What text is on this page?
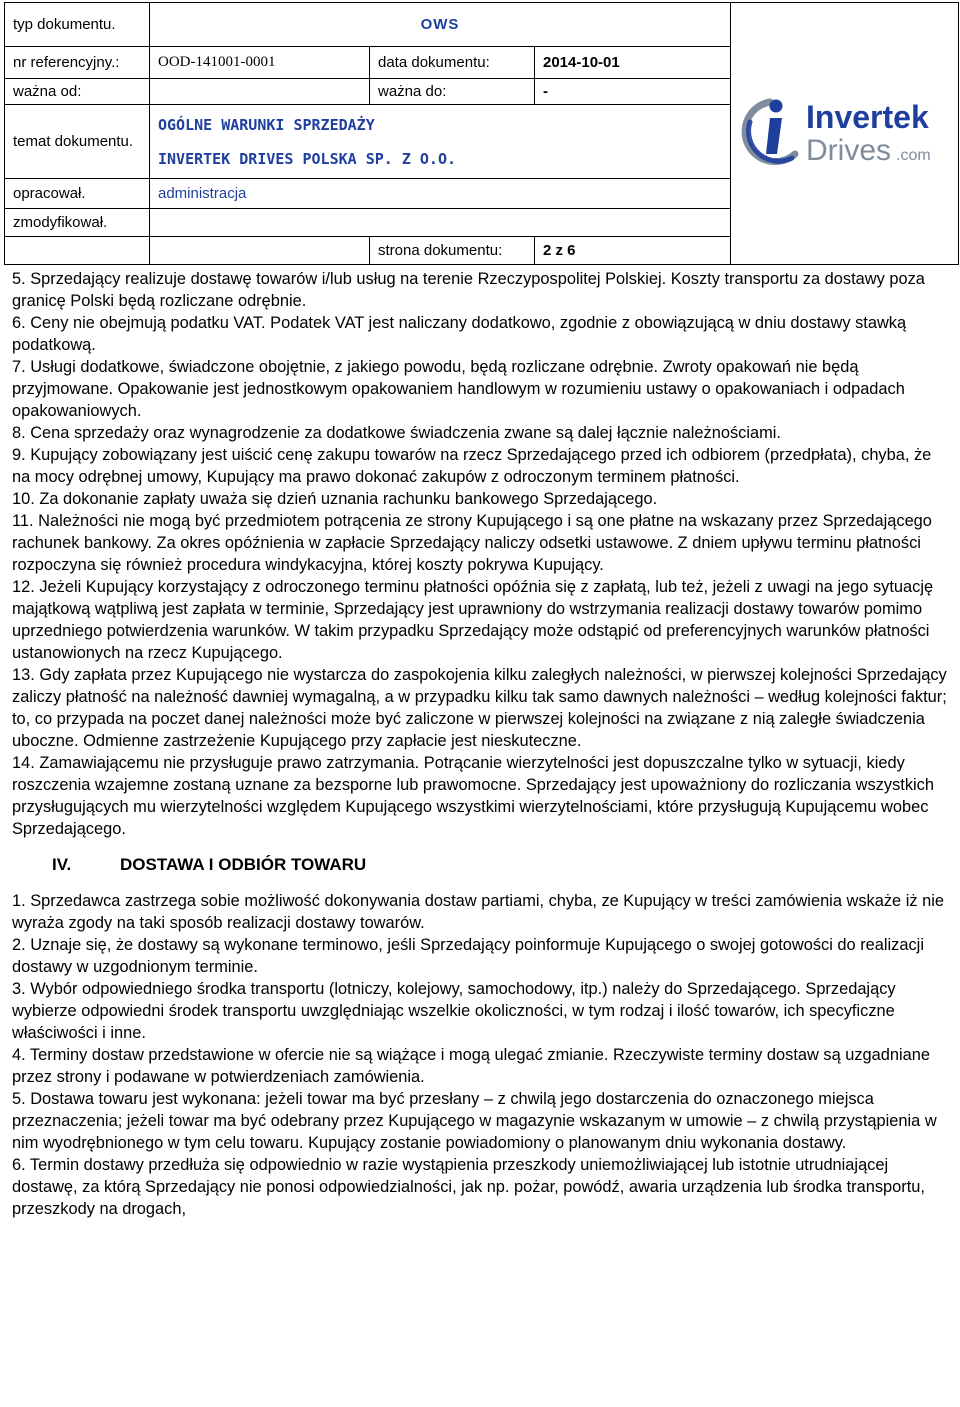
typ dokumentu.	OWS			Invertek
Drives .com

nr referencyjny.:	OOD-141001-0001	data dokumentu:	2014-10-01	
ważna od:		ważna do:	-	
temat dokumentu.	OGÓLNE WARUNKI SPRZEDAŻY
INVERTEK DRIVES POLSKA SP. Z O.O.			

opracował.	administracja			
zmodyfikował.				
		strona dokumentu:	2 z 6	

5. Sprzedający realizuje dostawę towarów i/lub usług na terenie Rzeczypospolitej Polskiej. Koszty transportu za dostawy poza granicę Polski będą rozliczane odrębnie.

6. Ceny nie obejmują podatku VAT. Podatek VAT jest naliczany dodatkowo, zgodnie z obowiązującą w dniu dostawy stawką podatkową.

7. Usługi dodatkowe, świadczone obojętnie, z jakiego powodu, będą rozliczane odrębnie. Zwroty opakowań nie będą przyjmowane. Opakowanie jest jednostkowym opakowaniem handlowym w rozumieniu ustawy o opakowaniach i odpadach opakowaniowych.

8. Cena sprzedaży oraz wynagrodzenie za dodatkowe świadczenia zwane są dalej łącznie należnościami.

9. Kupujący zobowiązany jest uiścić cenę zakupu towarów na rzecz Sprzedającego przed ich odbiorem (przedpłata), chyba, że na mocy odrębnej umowy, Kupujący ma prawo dokonać zakupów z odroczonym terminem płatności.

10. Za dokonanie zapłaty uważa się dzień uznania rachunku bankowego Sprzedającego.

11. Należności nie mogą być przedmiotem potrącenia ze strony Kupującego i są one płatne na wskazany przez Sprzedającego rachunek bankowy. Za okres opóźnienia w zapłacie Sprzedający naliczy odsetki ustawowe. Z dniem upływu terminu płatności rozpoczyna się również procedura windykacyjna, której koszty pokrywa Kupujący.

12. Jeżeli Kupujący korzystający z odroczonego terminu płatności opóźnia się z zapłatą, lub też, jeżeli z uwagi na jego sytuację majątkową wątpliwą jest zapłata w terminie, Sprzedający jest uprawniony do wstrzymania realizacji dostawy towarów pomimo uprzedniego potwierdzenia warunków. W takim przypadku Sprzedający może odstąpić od preferencyjnych warunków płatności ustanowionych na rzecz Kupującego.

13. Gdy zapłata przez Kupującego nie wystarcza do zaspokojenia kilku zaległych należności, w pierwszej kolejności Sprzedający zaliczy płatność na należność dawniej wymagalną, a w przypadku kilku tak samo dawnych należności – według kolejności faktur; to, co przypada na poczet danej należności może być zaliczone w pierwszej kolejności na związane z nią zaległe świadczenia uboczne. Odmienne zastrzeżenie Kupującego przy zapłacie jest nieskuteczne.

14. Zamawiającemu nie przysługuje prawo zatrzymania. Potrącanie wierzytelności jest dopuszczalne tylko w sytuacji, kiedy roszczenia wzajemne zostaną uznane za bezsporne lub prawomocne. Sprzedający jest upoważniony do rozliczania wszystkich przysługujących mu wierzytelności względem Kupującego wszystkimi wierzytelnościami, które przysługują Kupującemu wobec Sprzedającego.

IV.	DOSTAWA I ODBIÓR TOWARU

1. Sprzedawca zastrzega sobie możliwość dokonywania dostaw partiami, chyba, ze Kupujący w treści zamówienia wskaże iż nie wyraża zgody na taki sposób realizacji dostawy towarów.

2. Uznaje się, że dostawy są wykonane terminowo, jeśli Sprzedający poinformuje Kupującego o swojej gotowości do realizacji dostawy w uzgodnionym terminie.

3. Wybór odpowiedniego środka transportu (lotniczy, kolejowy, samochodowy, itp.) należy do Sprzedającego. Sprzedający wybierze odpowiedni środek transportu uwzględniając wszelkie okoliczności, w tym rodzaj i ilość towarów, ich specyficzne właściwości i inne.

4. Terminy dostaw przedstawione w ofercie nie są wiążące i mogą ulegać zmianie. Rzeczywiste terminy dostaw są uzgadniane przez strony i podawane w potwierdzeniach zamówienia.

5. Dostawa towaru jest wykonana: jeżeli towar ma być przesłany – z chwilą jego dostarczenia do oznaczonego miejsca przeznaczenia; jeżeli towar ma być odebrany przez Kupującego w magazynie wskazanym w umowie – z chwilą przystąpienia w nim wyodrębnionego w tym celu towaru. Kupujący zostanie powiadomiony o planowanym dniu wykonania dostawy.

6. Termin dostawy przedłuża się odpowiednio w razie wystąpienia przeszkody uniemożliwiającej lub istotnie utrudniającej dostawę, za którą Sprzedający nie ponosi odpowiedzialności, jak np. pożar, powódź, awaria urządzenia lub środka transportu, przeszkody na drogach,
